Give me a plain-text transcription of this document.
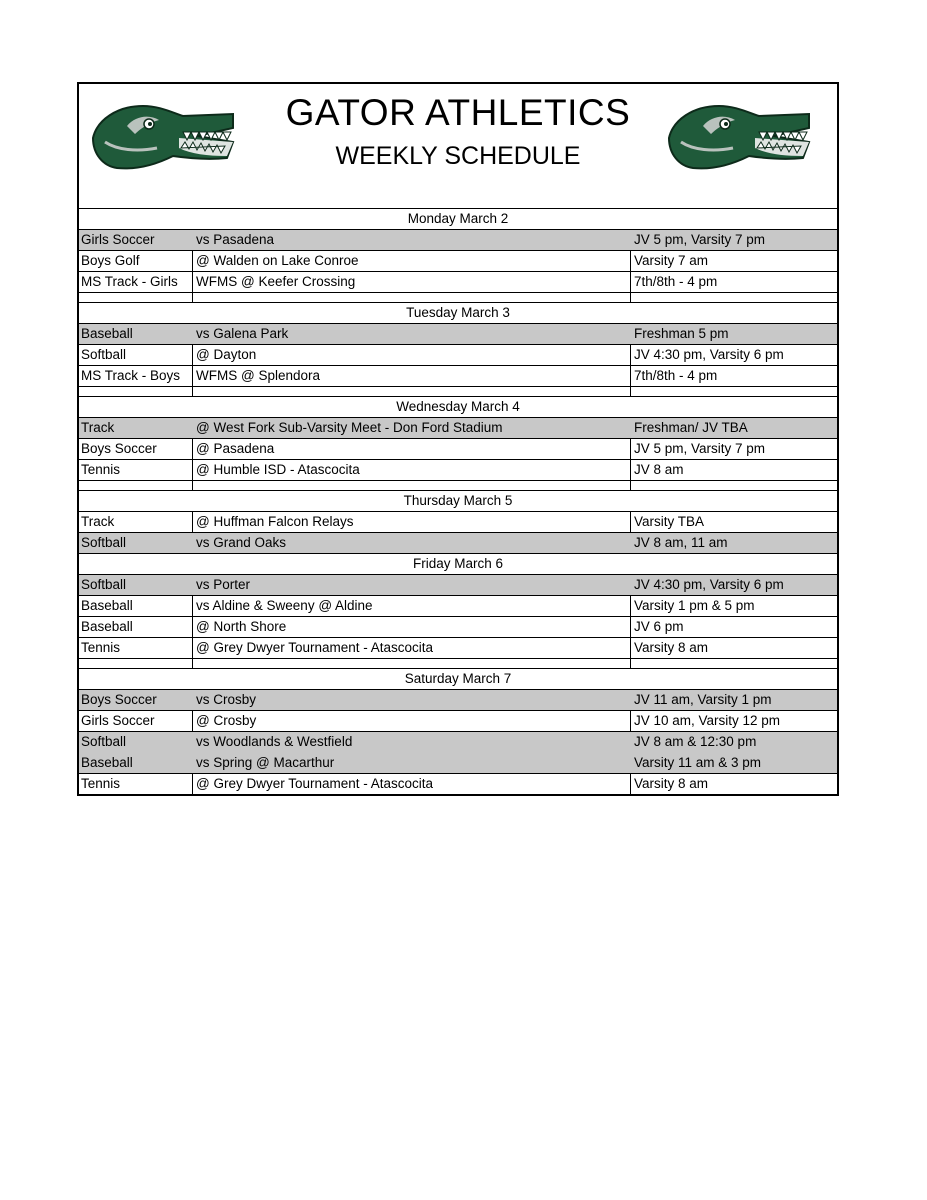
GATOR ATHLETICS
WEEKLY SCHEDULE
Monday March 2
Girls Soccer	vs Pasadena	JV 5 pm, Varsity 7 pm
Boys Golf	@ Walden on Lake Conroe	Varsity 7 am
MS Track - Girls	WFMS @ Keefer Crossing	7th/8th - 4 pm
Tuesday March 3
Baseball	vs Galena Park	Freshman 5 pm
Softball	@ Dayton	JV 4:30 pm, Varsity 6 pm
MS Track - Boys	WFMS @ Splendora	7th/8th - 4 pm
Wednesday March 4
Track	@ West Fork Sub-Varsity Meet - Don Ford Stadium	Freshman/ JV TBA
Boys Soccer	@ Pasadena	JV 5 pm, Varsity 7 pm
Tennis	@ Humble ISD - Atascocita	JV 8 am
Thursday March 5
Track	@ Huffman Falcon Relays	Varsity TBA
Softball	vs Grand Oaks	JV 8 am, 11 am
Friday March 6
Softball	vs Porter	JV 4:30 pm, Varsity 6 pm
Baseball	vs Aldine & Sweeny @ Aldine	Varsity 1 pm & 5 pm
Baseball	@ North Shore	JV 6 pm
Tennis	@ Grey Dwyer Tournament - Atascocita	Varsity 8 am
Saturday March 7
Boys Soccer	vs Crosby	JV 11 am, Varsity 1 pm
Girls Soccer	@ Crosby	JV 10 am, Varsity 12 pm
Softball	vs Woodlands & Westfield	JV 8 am & 12:30 pm
Baseball	vs Spring @ Macarthur	Varsity 11 am & 3 pm
Tennis	@ Grey Dwyer Tournament - Atascocita	Varsity 8 am
